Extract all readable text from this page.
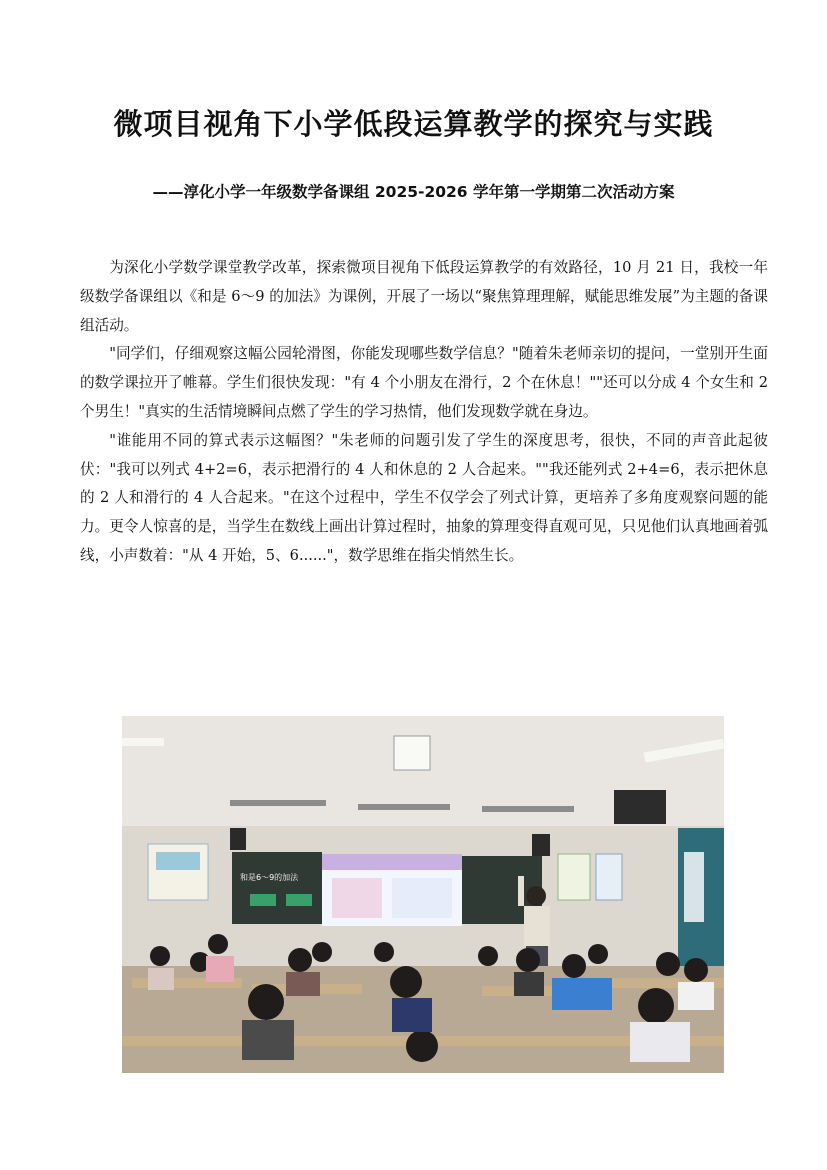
微项目视角下小学低段运算教学的探究与实践
——淳化小学一年级数学备课组 2025-2026 学年第一学期第二次活动方案

为深化小学数学课堂教学改革，探索微项目视角下低段运算教学的有效路径，10 月 21 日，我校一年级数学备课组以《和是 6～9 的加法》为课例，开展了一场以“聚焦算理理解，赋能思维发展”为主题的备课组活动。

"同学们，仔细观察这幅公园轮滑图，你能发现哪些数学信息？"随着朱老师亲切的提问，一堂别开生面的数学课拉开了帷幕。学生们很快发现："有 4 个小朋友在滑行，2 个在休息！""还可以分成 4 个女生和 2 个男生！"真实的生活情境瞬间点燃了学生的学习热情，他们发现数学就在身边。

"谁能用不同的算式表示这幅图？"朱老师的问题引发了学生的深度思考，很快，不同的声音此起彼伏："我可以列式 4+2=6，表示把滑行的 4 人和休息的 2 人合起来。""我还能列式 2+4=6，表示把休息的 2 人和滑行的 4 人合起来。"在这个过程中，学生不仅学会了列式计算，更培养了多角度观察问题的能力。更令人惊喜的是，当学生在数线上画出计算过程时，抽象的算理变得直观可见，只见他们认真地画着弧线，小声数着："从 4 开始，5、6......"，数学思维在指尖悄然生长。

和是6～9的加法
